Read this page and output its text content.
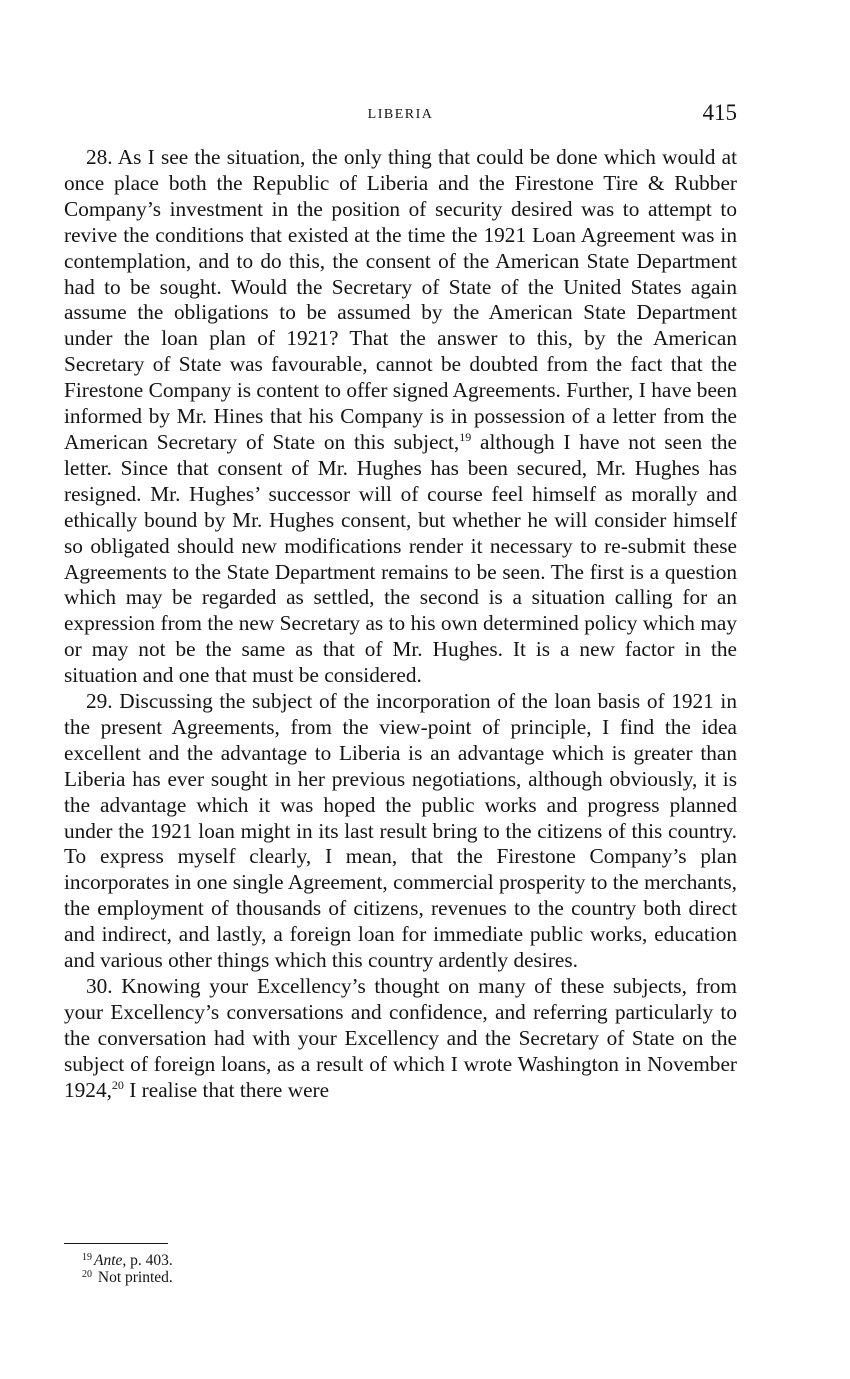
LIBERIA	415

28. As I see the situation, the only thing that could be done which would at once place both the Republic of Liberia and the Firestone Tire & Rubber Company’s investment in the position of security desired was to attempt to revive the conditions that existed at the time the 1921 Loan Agreement was in contemplation, and to do this, the consent of the American State Department had to be sought. Would the Secretary of State of the United States again assume the obligations to be assumed by the American State Department under the loan plan of 1921? That the answer to this, by the American Secretary of State was favourable, cannot be doubted from the fact that the Firestone Company is content to offer signed Agreements. Further, I have been informed by Mr. Hines that his Company is in possession of a letter from the American Secretary of State on this subject,$^{19}$ although I have not seen the letter. Since that consent of Mr. Hughes has been secured, Mr. Hughes has resigned. Mr. Hughes’ successor will of course feel himself as morally and ethically bound by Mr. Hughes consent, but whether he will consider himself so obligated should new modifications render it necessary to re-submit these Agreements to the State Department remains to be seen. The first is a question which may be regarded as settled, the second is a situation calling for an expression from the new Secretary as to his own determined policy which may or may not be the same as that of Mr. Hughes. It is a new factor in the situation and one that must be considered.

29. Discussing the subject of the incorporation of the loan basis of 1921 in the present Agreements, from the view-point of principle, I find the idea excellent and the advantage to Liberia is an advantage which is greater than Liberia has ever sought in her previous negotiations, although obviously, it is the advantage which it was hoped the public works and progress planned under the 1921 loan might in its last result bring to the citizens of this country. To express myself clearly, I mean, that the Firestone Company’s plan incorporates in one single Agreement, commercial prosperity to the merchants, the employment of thousands of citizens, revenues to the country both direct and indirect, and lastly, a foreign loan for immediate public works, education and various other things which this country ardently desires.

30. Knowing your Excellency’s thought on many of these subjects, from your Excellency’s conversations and confidence, and referring particularly to the conversation had with your Excellency and the Secretary of State on the subject of foreign loans, as a result of which I wrote Washington in November 1924,20 I realise that there were

$^{19}$ Ante, p. 403.
$^{20}$ Not printed.
